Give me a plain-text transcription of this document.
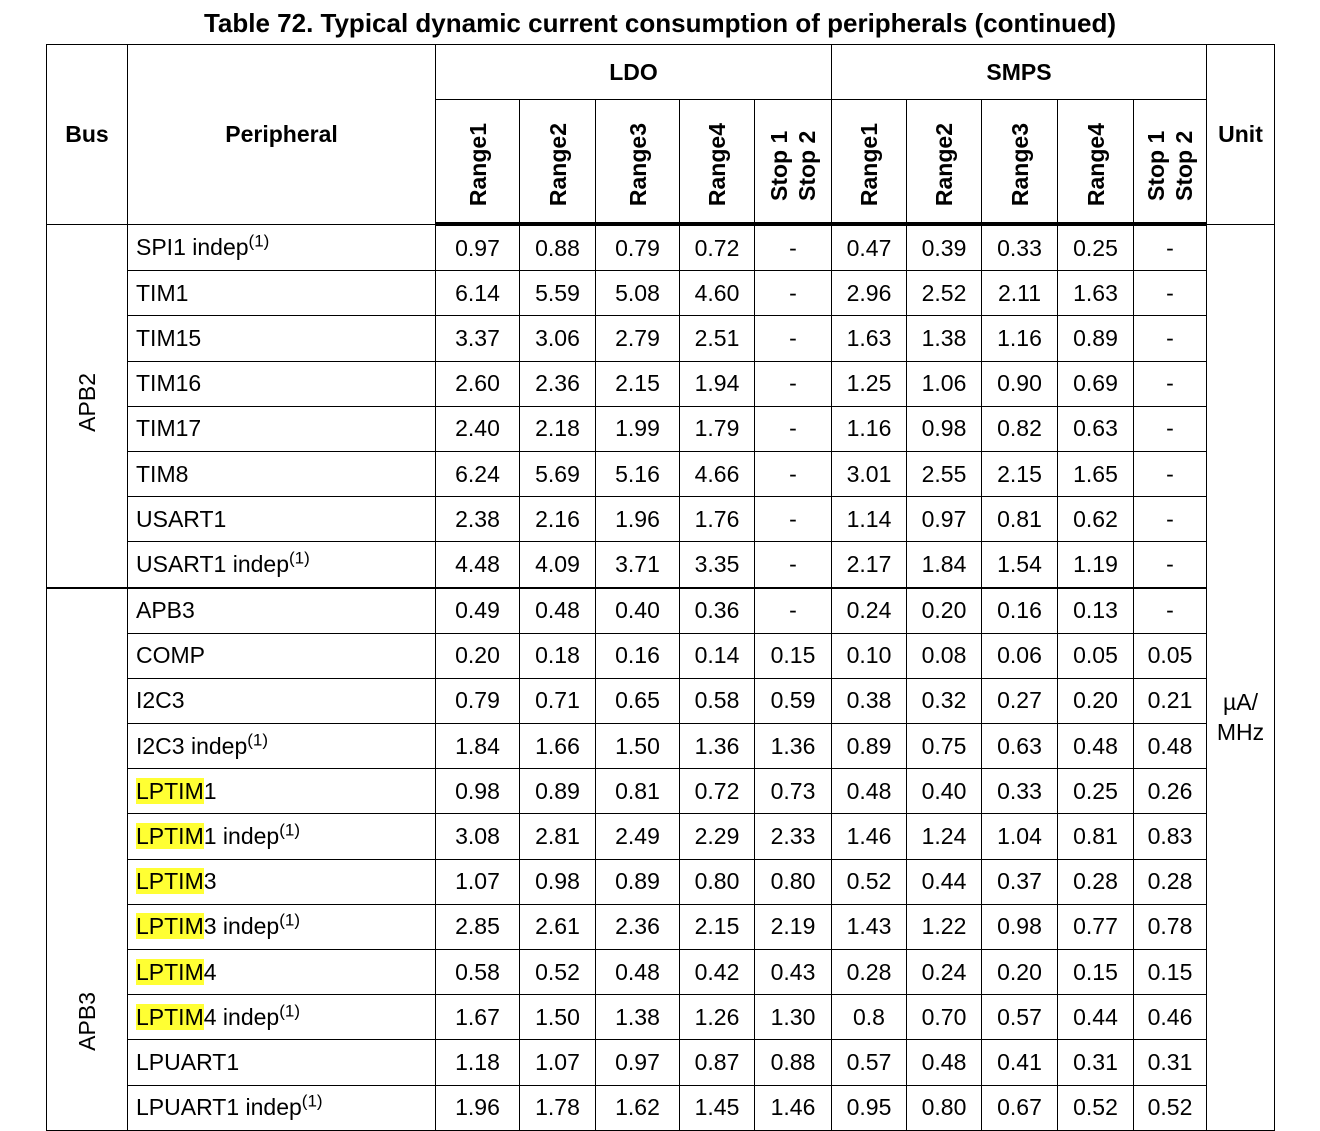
Table 72. Typical dynamic current consumption of peripherals (continued)
Bus	Peripheral	LDO					SMPS					Unit
		Range1	Range2	Range3	Range4	Stop 1 Stop 2	Range1	Range2	Range3	Range4	Stop 1 Stop 2	
APB2	SPI1 indep$^{(1)}$	0.97	0.88	0.79	0.72	-	0.47	0.39	0.33	0.25	-	µA/ MHz
	TIM1	6.14	5.59	5.08	4.60	-	2.96	2.52	2.11	1.63	-	
	TIM15	3.37	3.06	2.79	2.51	-	1.63	1.38	1.16	0.89	-	
	TIM16	2.60	2.36	2.15	1.94	-	1.25	1.06	0.90	0.69	-	
	TIM17	2.40	2.18	1.99	1.79	-	1.16	0.98	0.82	0.63	-	
	TIM8	6.24	5.69	5.16	4.66	-	3.01	2.55	2.15	1.65	-	
	USART1	2.38	2.16	1.96	1.76	-	1.14	0.97	0.81	0.62	-	
	USART1 indep$^{(1)}$	4.48	4.09	3.71	3.35	-	2.17	1.84	1.54	1.19	-	
APB3	APB3	0.49	0.48	0.40	0.36	-	0.24	0.20	0.16	0.13	-	
	COMP	0.20	0.18	0.16	0.14	0.15	0.10	0.08	0.06	0.05	0.05	
	I2C3	0.79	0.71	0.65	0.58	0.59	0.38	0.32	0.27	0.20	0.21	
	I2C3 indep$^{(1)}$	1.84	1.66	1.50	1.36	1.36	0.89	0.75	0.63	0.48	0.48	
	LPTIM1	0.98	0.89	0.81	0.72	0.73	0.48	0.40	0.33	0.25	0.26	
	LPTIM1 indep$^{(1)}$	3.08	2.81	2.49	2.29	2.33	1.46	1.24	1.04	0.81	0.83	
	LPTIM3	1.07	0.98	0.89	0.80	0.80	0.52	0.44	0.37	0.28	0.28	
	LPTIM3 indep$^{(1)}$	2.85	2.61	2.36	2.15	2.19	1.43	1.22	0.98	0.77	0.78	
	LPTIM4	0.58	0.52	0.48	0.42	0.43	0.28	0.24	0.20	0.15	0.15	
	LPTIM4 indep$^{(1)}$	1.67	1.50	1.38	1.26	1.30	0.8	0.70	0.57	0.44	0.46	
	LPUART1	1.18	1.07	0.97	0.87	0.88	0.57	0.48	0.41	0.31	0.31	
	LPUART1 indep$^{(1)}$	1.96	1.78	1.62	1.45	1.46	0.95	0.80	0.67	0.52	0.52	
